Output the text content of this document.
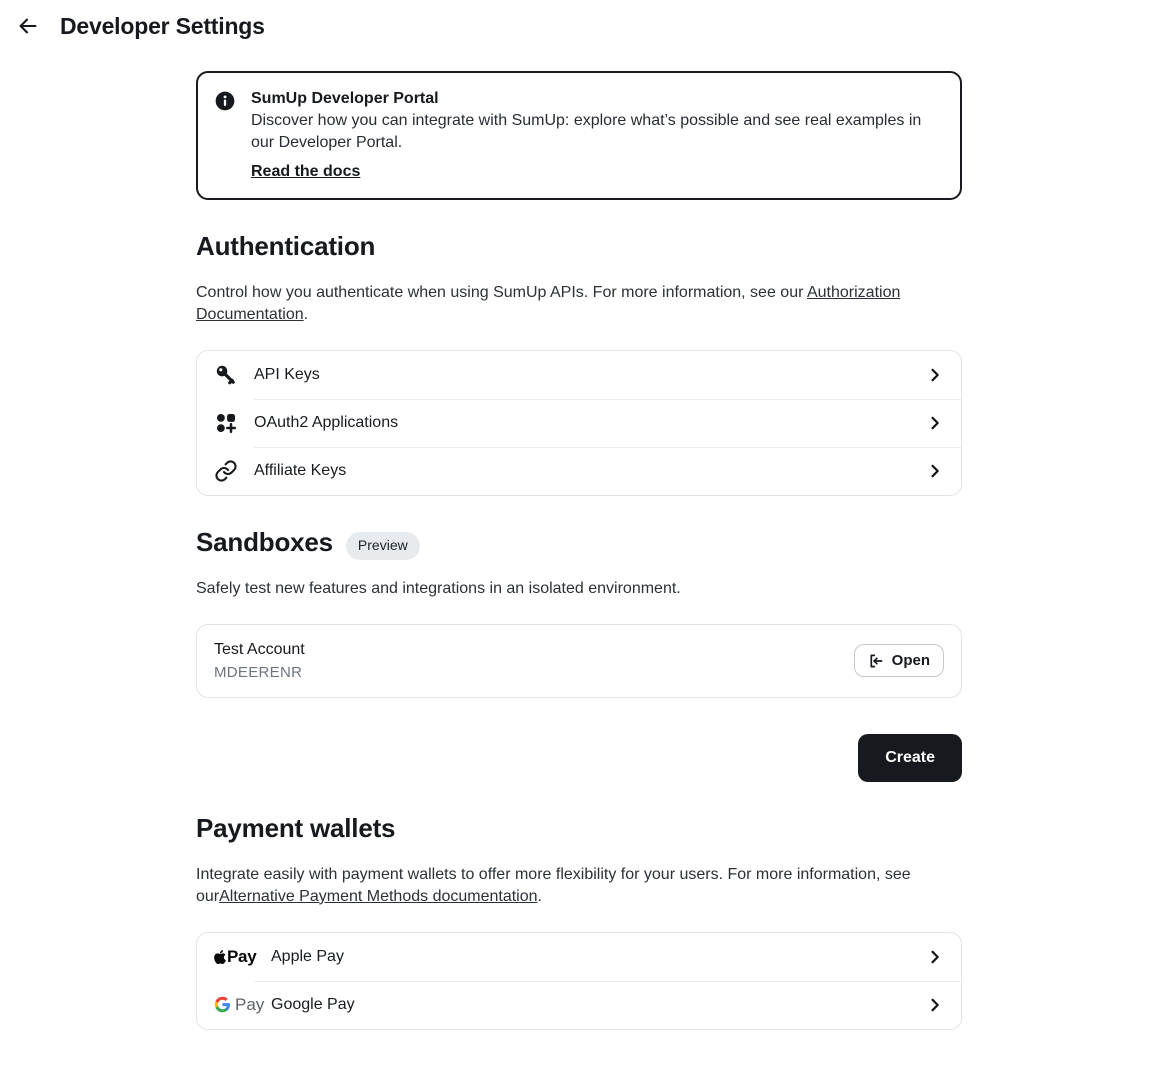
Developer Settings
SumUp Developer Portal
Discover how you can integrate with SumUp: explore what’s possible and see real examples in our Developer Portal.
Read the docs
Authentication

Control how you authenticate when using SumUp APIs. For more information, see our Authorization Documentation.

API Keys
OAuth2 Applications
Affiliate Keys
Sandboxes	Preview

Safely test new features and integrations in an isolated environment.

Test Account
MDEERENR
Open
Create
Payment wallets

Integrate easily with payment wallets to offer more flexibility for your users. For more information, see ourAlternative Payment Methods documentation.

Pay Apple Pay
Pay Google Pay
